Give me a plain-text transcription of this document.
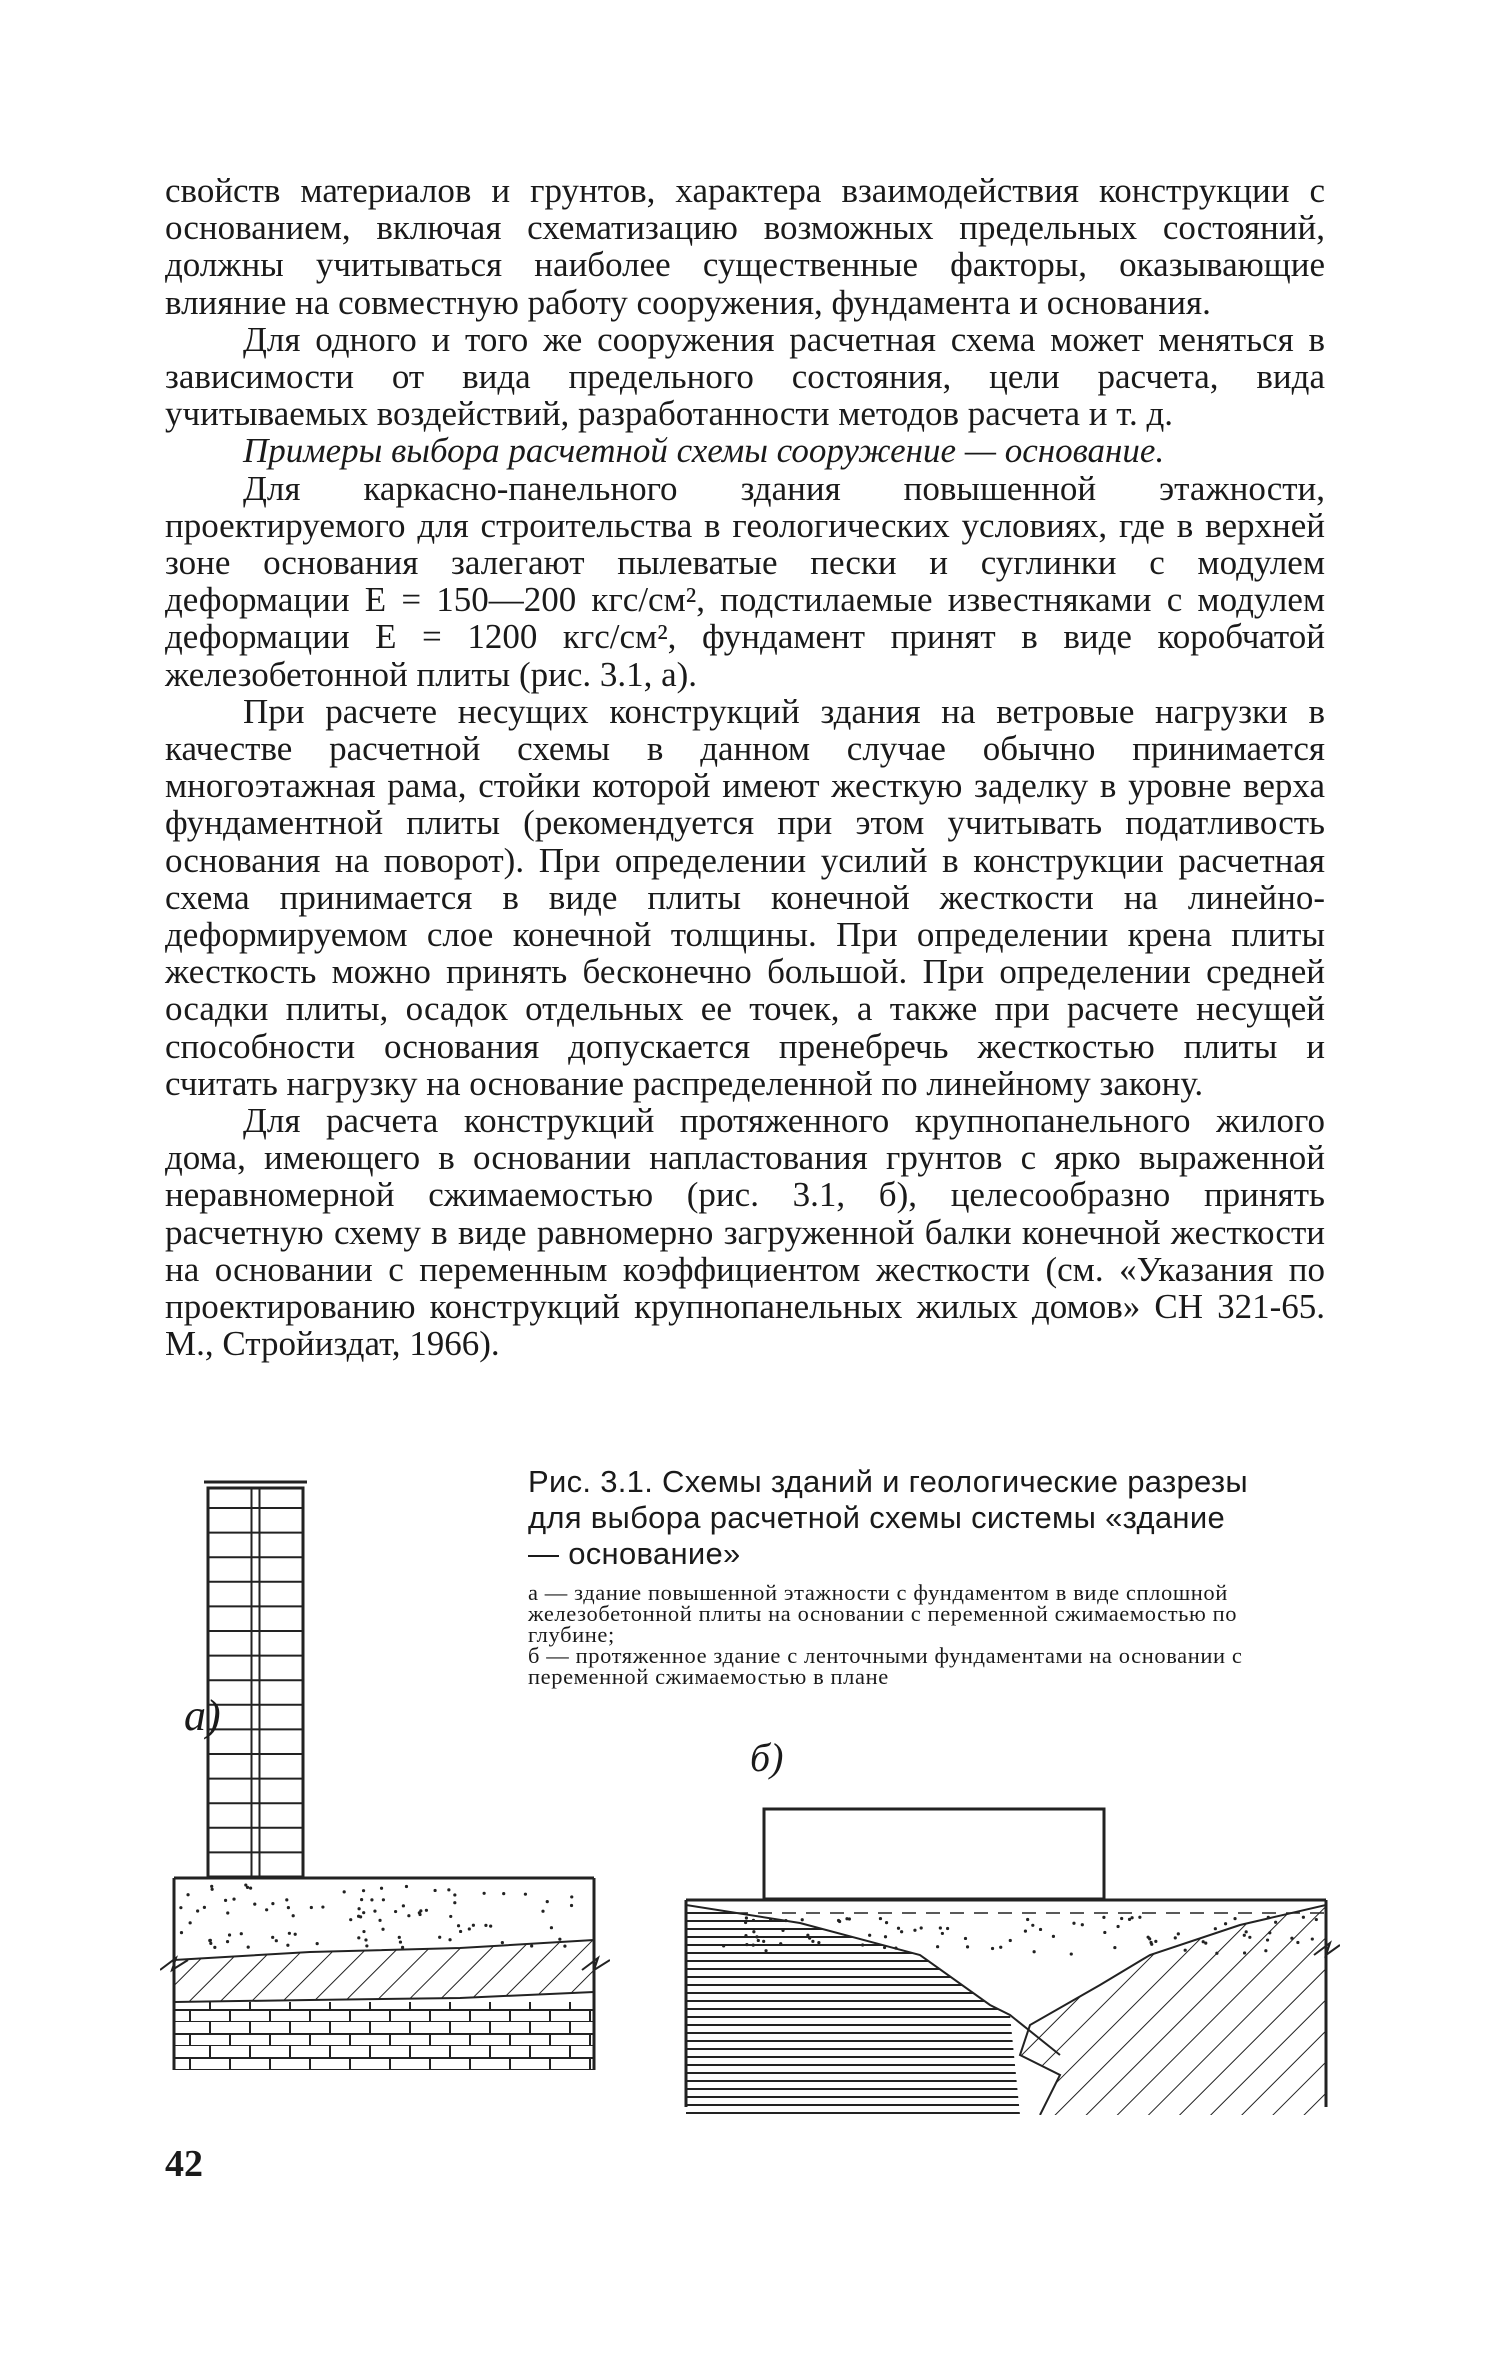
свойств материалов и грунтов, характера взаимодействия конструкции с основанием, включая схематизацию возможных предельных состояний, должны учитываться наиболее существенные факторы, оказывающие влияние на совместную работу сооружения, фундамента и основания.

Для одного и того же сооружения расчетная схема может меняться в зависимости от вида предельного состояния, цели расчета, вида учитываемых воздействий, разработанности методов расчета и т. д.

Примеры выбора расчетной схемы сооружение — основание.

Для каркасно-панельного здания повышенной этажности, проектируемого для строительства в геологических условиях, где в верхней зоне основания залегают пылеватые пески и суглинки с модулем деформации E = 150—200 кгс/см², подстилаемые известняками с модулем деформации E = 1200 кгс/см², фундамент принят в виде коробчатой железобетонной плиты (рис. 3.1, а).

При расчете несущих конструкций здания на ветровые нагрузки в качестве расчетной схемы в данном случае обычно принимается многоэтажная рама, стойки которой имеют жесткую заделку в уровне верха фундаментной плиты (рекомендуется при этом учитывать податливость основания на поворот). При определении усилий в конструкции расчетная схема принимается в виде плиты конечной жесткости на линейно-деформируемом слое конечной толщины. При определении крена плиты жесткость можно принять бесконечно большой. При определении средней осадки плиты, осадок отдельных ее точек, а также при расчете несущей способности основания допускается пренебречь жесткостью плиты и считать нагрузку на основание распределенной по линейному закону.

Для расчета конструкций протяженного крупнопанельного жилого дома, имеющего в основании напластования грунтов с ярко выраженной неравномерной сжимаемостью (рис. 3.1, б), целесообразно принять расчетную схему в виде равномерно загруженной балки конечной жесткости на основании с переменным коэффициентом жесткости (см. «Указания по проектированию конструкций крупнопанельных жилых домов» СН 321-65. М., Стройиздат, 1966).

а)
б)
Рис. 3.1. Схемы зданий и геологические разрезы для выбора расчетной схемы системы «здание — основание»
а — здание повышенной этажности с фундаментом в виде сплошной железобетонной плиты на основании с переменной сжимаемостью по глубине;
б — протяженное здание с ленточными фундаментами на основании с переменной сжимаемостью в плане
42
